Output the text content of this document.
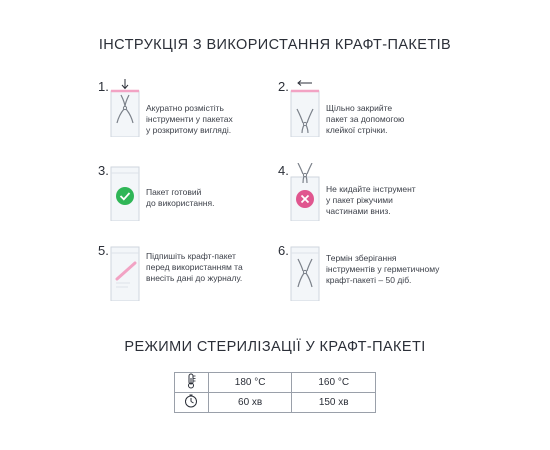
ІНСТРУКЦІЯ З ВИКОРИСТАННЯ КРАФТ-ПАКЕТІВ
1.
Акуратно розмістіть
інструменти у пакетах
у розкритому вигляді.
2.
Щільно закрийте
пакет за допомогою
клейкої стрічки.
3.
Пакет готовий
до використання.
4.
Не кидайте інструмент
у пакет ріжучими
частинами вниз.
5.	Підпишіть крафт-пакет
перед використанням та
внесіть дані до журналу.
6.	Термін зберігання
інструментів у герметичному
крафт-пакеті – 50 діб.
РЕЖИМИ СТЕРИЛІЗАЦІЇ У КРАФТ-ПАКЕТІ
	180 °C	160 °C
	60 хв	150 хв
